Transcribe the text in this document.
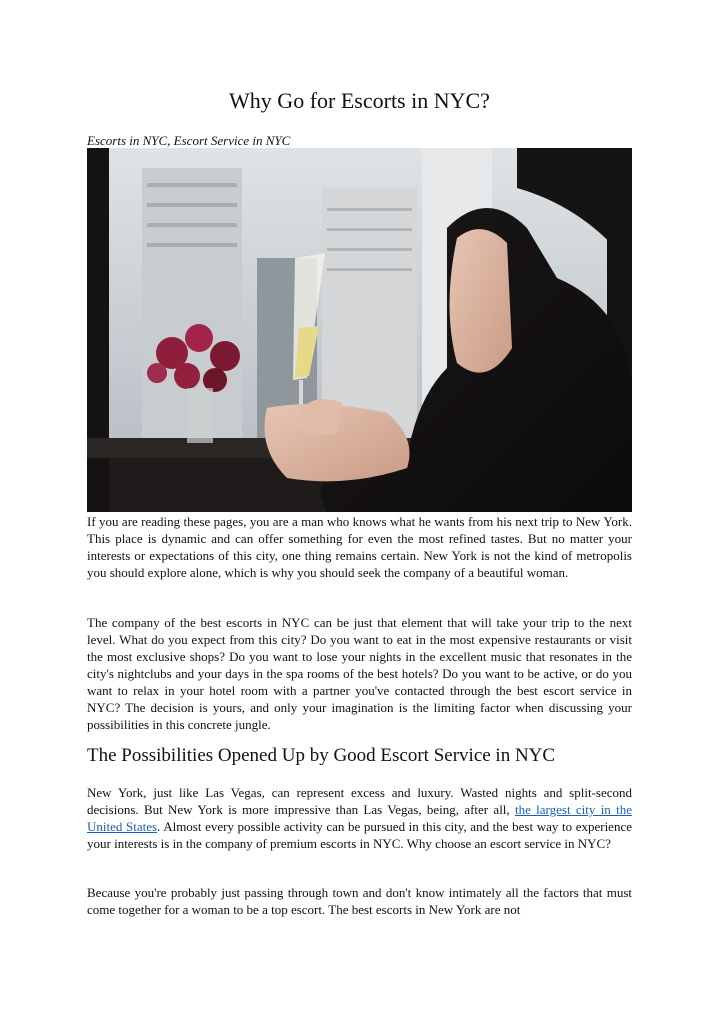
Why Go for Escorts in NYC?
Escorts in NYC, Escort Service in NYC

If you are reading these pages, you are a man who knows what he wants from his next trip to New York. This place is dynamic and can offer something for even the most refined tastes. But no matter your interests or expectations of this city, one thing remains certain. New York is not the kind of metropolis you should explore alone, which is why you should seek the company of a beautiful woman.

The company of the best escorts in NYC can be just that element that will take your trip to the next level. What do you expect from this city? Do you want to eat in the most expensive restaurants or visit the most exclusive shops? Do you want to lose your nights in the excellent music that resonates in the city's nightclubs and your days in the spa rooms of the best hotels? Do you want to be active, or do you want to relax in your hotel room with a partner you've contacted through the best escort service in NYC? The decision is yours, and only your imagination is the limiting factor when discussing your possibilities in this concrete jungle.

The Possibilities Opened Up by Good Escort Service in NYC

New York, just like Las Vegas, can represent excess and luxury. Wasted nights and split-second decisions. But New York is more impressive than Las Vegas, being, after all, the largest city in the United States. Almost every possible activity can be pursued in this city, and the best way to experience your interests is in the company of premium escorts in NYC. Why choose an escort service in NYC?

Because you're probably just passing through town and don't know intimately all the factors that must come together for a woman to be a top escort. The best escorts in New York are not
